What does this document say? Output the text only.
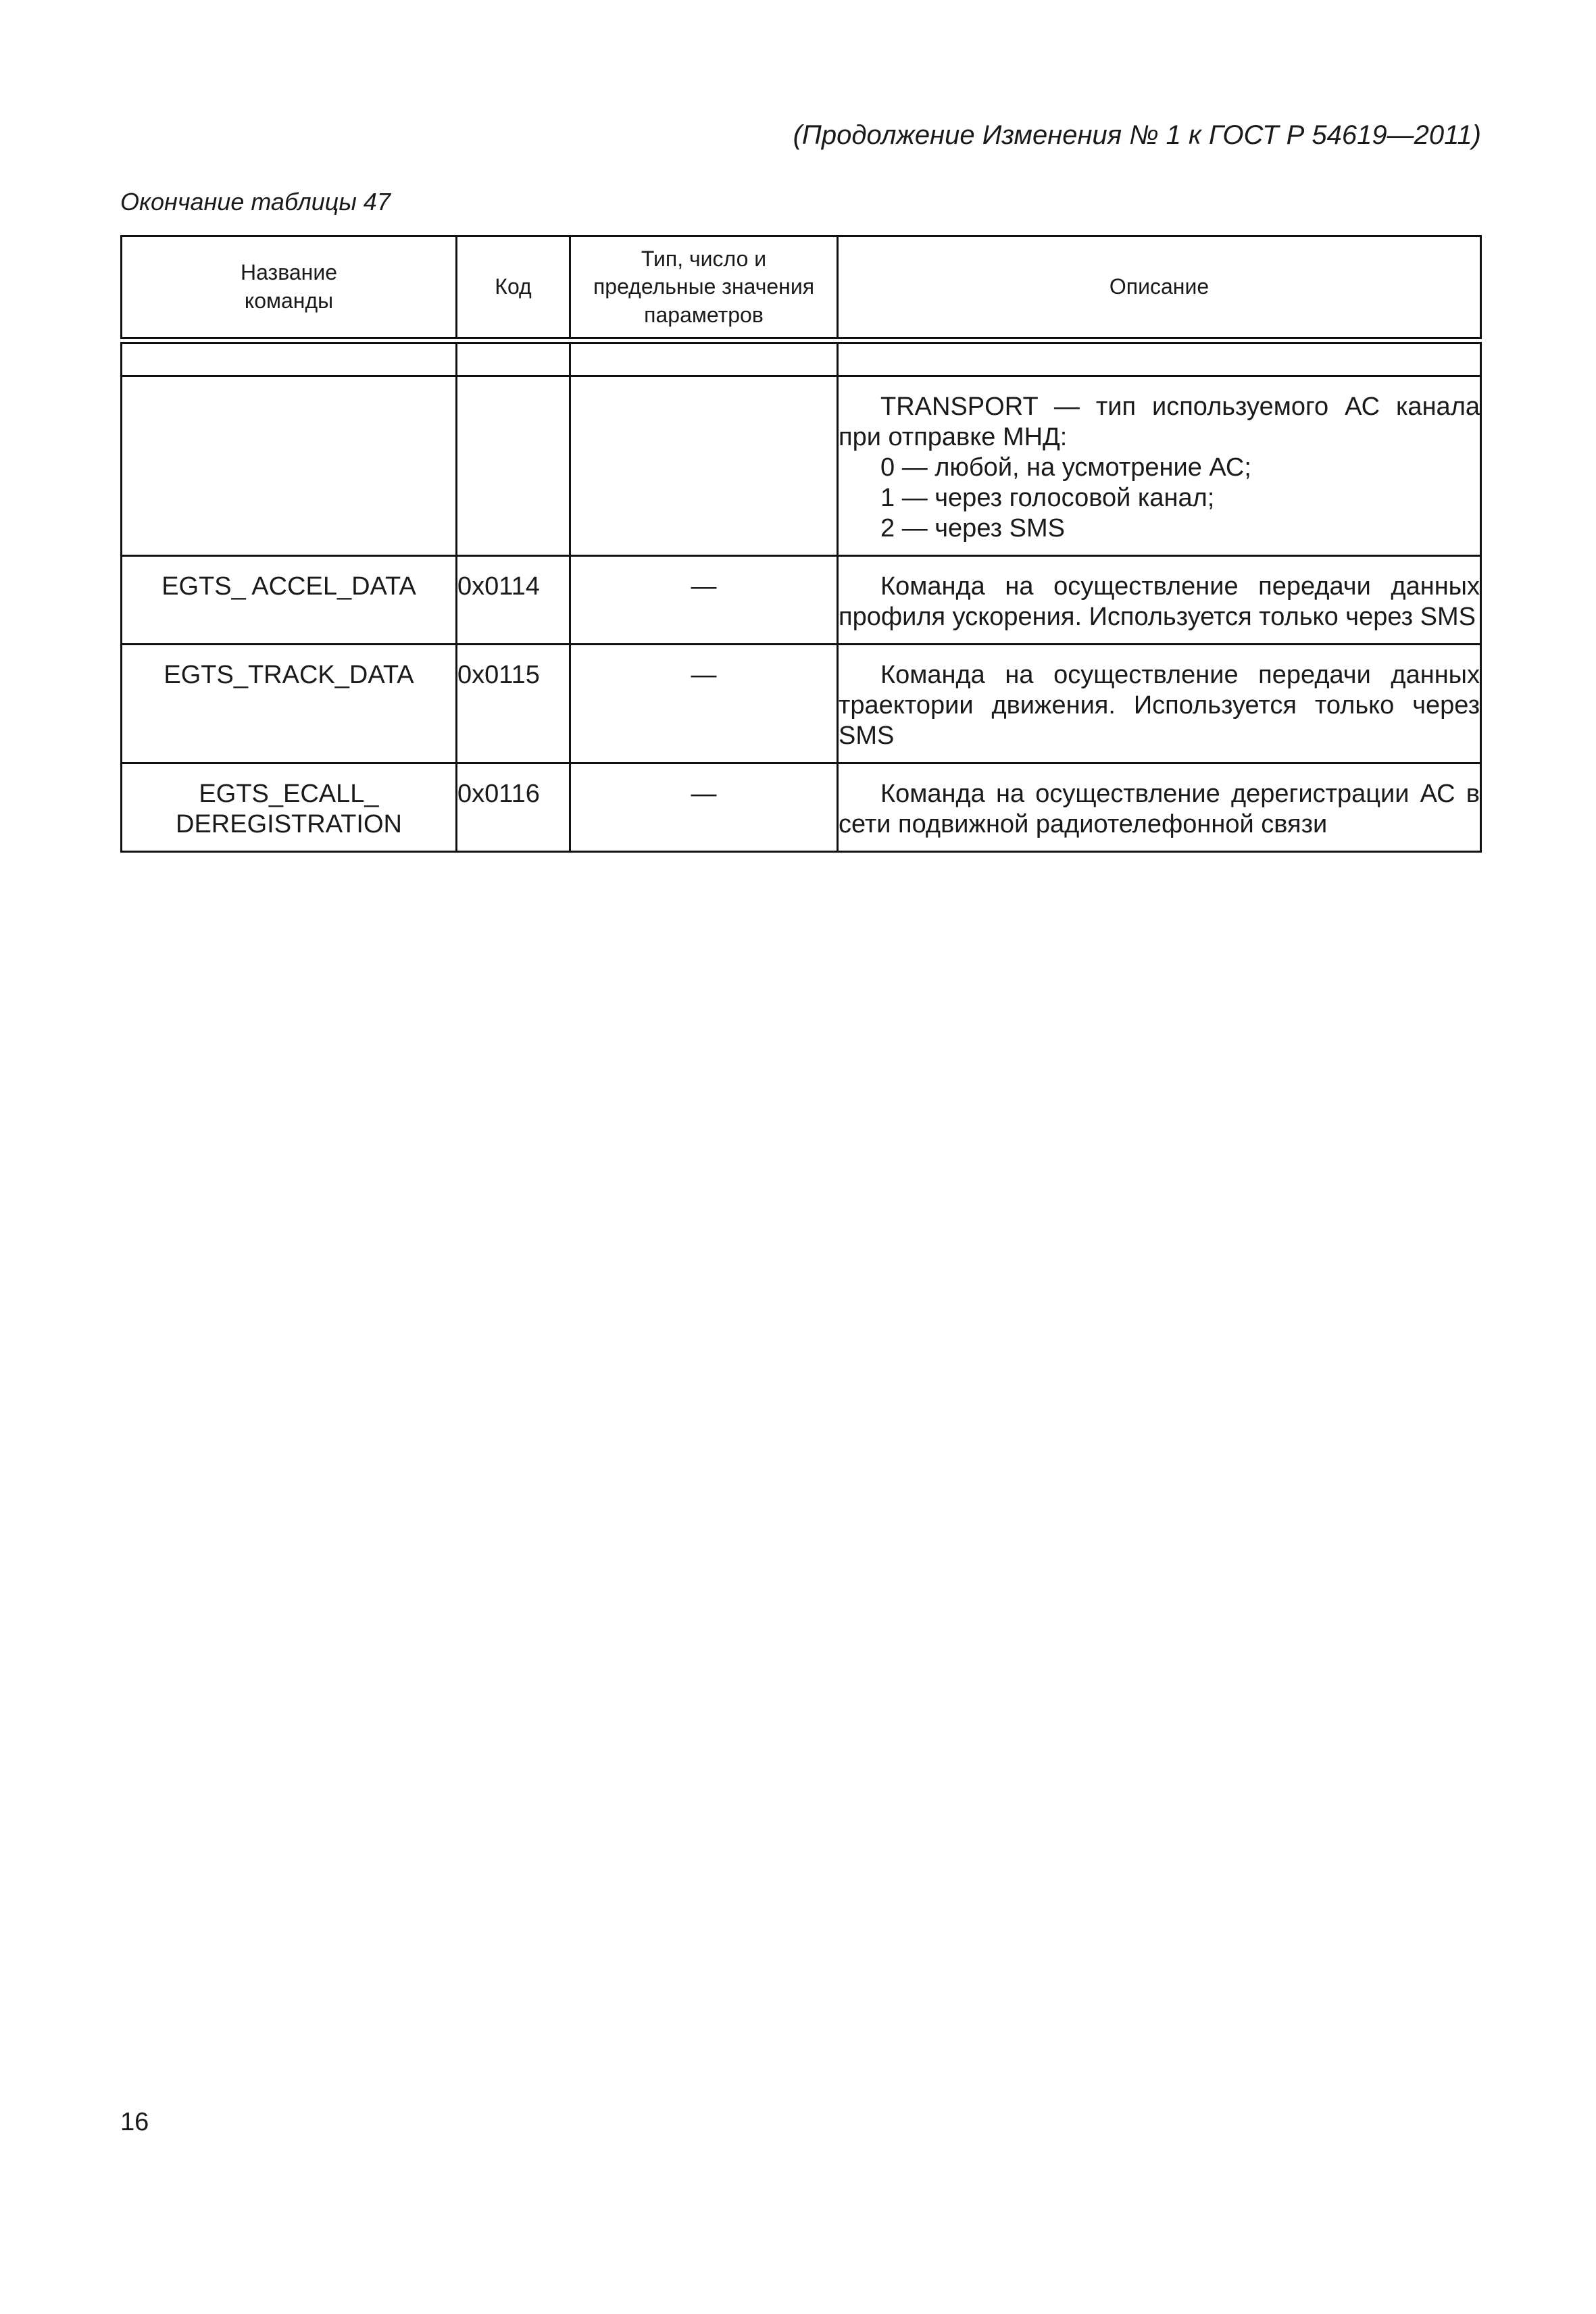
(Продолжение Изменения № 1 к ГОСТ Р 54619—2011)
Окончание таблицы 47
Название
команды	Код	Тип, число и
предельные значения
параметров	Описание

			TRANSPORT — тип используемого АС канала при отправке МНД:
0 — любой, на усмотрение АС;
1 — через голосовой канал;
2 — через SMS

EGTS_ ACCEL_DATA	0x0114	—	Команда на осуществление передачи данных профиля ускорения. Используется только через SMS

EGTS_TRACK_DATA	0x0115	—	Команда на осуществление передачи данных траектории движения. Используется только через SMS

EGTS_ECALL_
DEREGISTRATION	0x0116	—	Команда на осуществление дерегистрации АС в сети подвижной радиотелефонной связи
16
